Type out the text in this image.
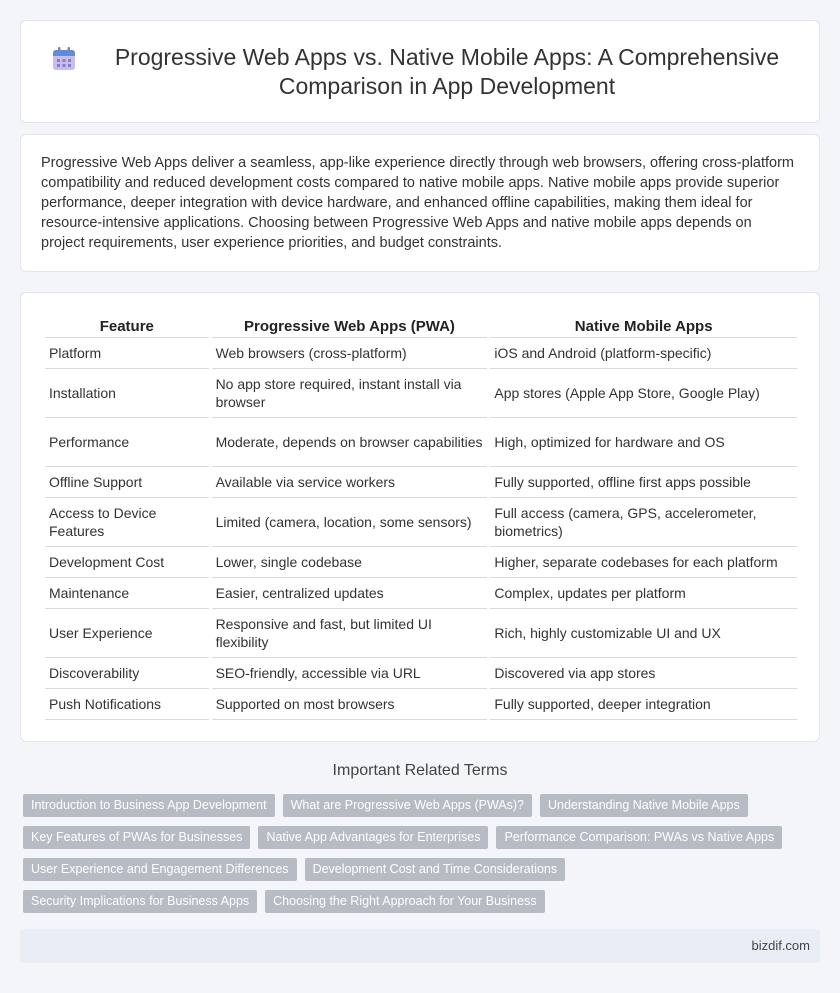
Progressive Web Apps vs. Native Mobile Apps: A Comprehensive Comparison in App Development

Progressive Web Apps deliver a seamless, app-like experience directly through web browsers, offering cross-platform compatibility and reduced development costs compared to native mobile apps. Native mobile apps provide superior performance, deeper integration with device hardware, and enhanced offline capabilities, making them ideal for resource-intensive applications. Choosing between Progressive Web Apps and native mobile apps depends on project requirements, user experience priorities, and budget constraints.

Feature	Progressive Web Apps (PWA)	Native Mobile Apps
Platform	Web browsers (cross-platform)	iOS and Android (platform-specific)
Installation	No app store required, instant install via browser	App stores (Apple App Store, Google Play)
Performance	Moderate, depends on browser capabilities	High, optimized for hardware and OS
Offline Support	Available via service workers	Fully supported, offline first apps possible
Access to Device Features	Limited (camera, location, some sensors)	Full access (camera, GPS, accelerometer, biometrics)
Development Cost	Lower, single codebase	Higher, separate codebases for each platform
Maintenance	Easier, centralized updates	Complex, updates per platform
User Experience	Responsive and fast, but limited UI flexibility	Rich, highly customizable UI and UX
Discoverability	SEO-friendly, accessible via URL	Discovered via app stores
Push Notifications	Supported on most browsers	Fully supported, deeper integration
Important Related Terms
Introduction to Business App Development	What are Progressive Web Apps (PWAs)?	Understanding Native Mobile Apps
Key Features of PWAs for Businesses	Native App Advantages for Enterprises	Performance Comparison: PWAs vs Native Apps
User Experience and Engagement Differences	Development Cost and Time Considerations
Security Implications for Business Apps	Choosing the Right Approach for Your Business
bizdif.com
